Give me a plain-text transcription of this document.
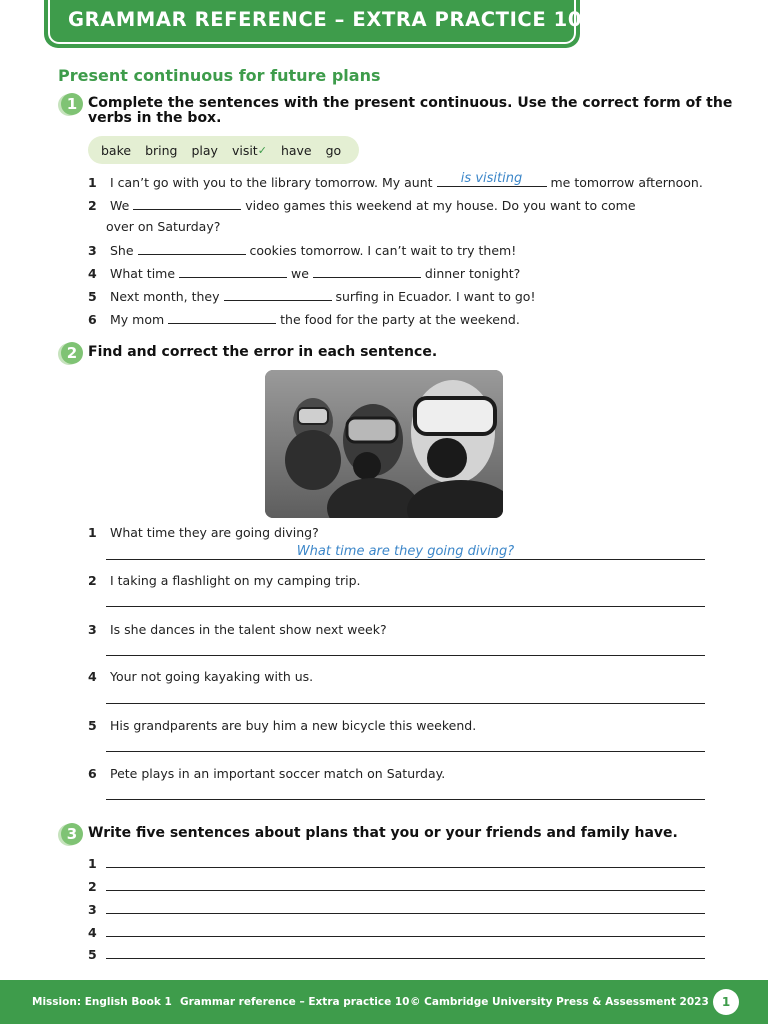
GRAMMAR REFERENCE – EXTRA PRACTICE 10
Present continuous for future plans
1 Complete the sentences with the present continuous. Use the correct form of the
verbs in the box.
bake bring play visit ✓ have go
1 I can’t go with you to the library tomorrow. My aunt	is visiting	me tomorrow afternoon.
2 We	video games this weekend at my house. Do you want to come
over on Saturday?
3 She	cookies tomorrow. I can’t wait to try them!
4 What time	we	dinner tonight?
5 Next month, they	surfing in Ecuador. I want to go!
6 My mom	the food for the party at the weekend.
2 Find and correct the error in each sentence.
1 What time they are going diving?
What time are they going diving?
2 I taking a flashlight on my camping trip.
3 Is she dances in the talent show next week?
4 Your not going kayaking with us.
5 His grandparents are buy him a new bicycle this weekend.
6 Pete plays in an important soccer match on Saturday.
3 Write five sentences about plans that you or your friends and family have.
1
2
3
4
5
Mission: English Book 1 Grammar reference – Extra practice 10 © Cambridge University Press & Assessment 2023	1
